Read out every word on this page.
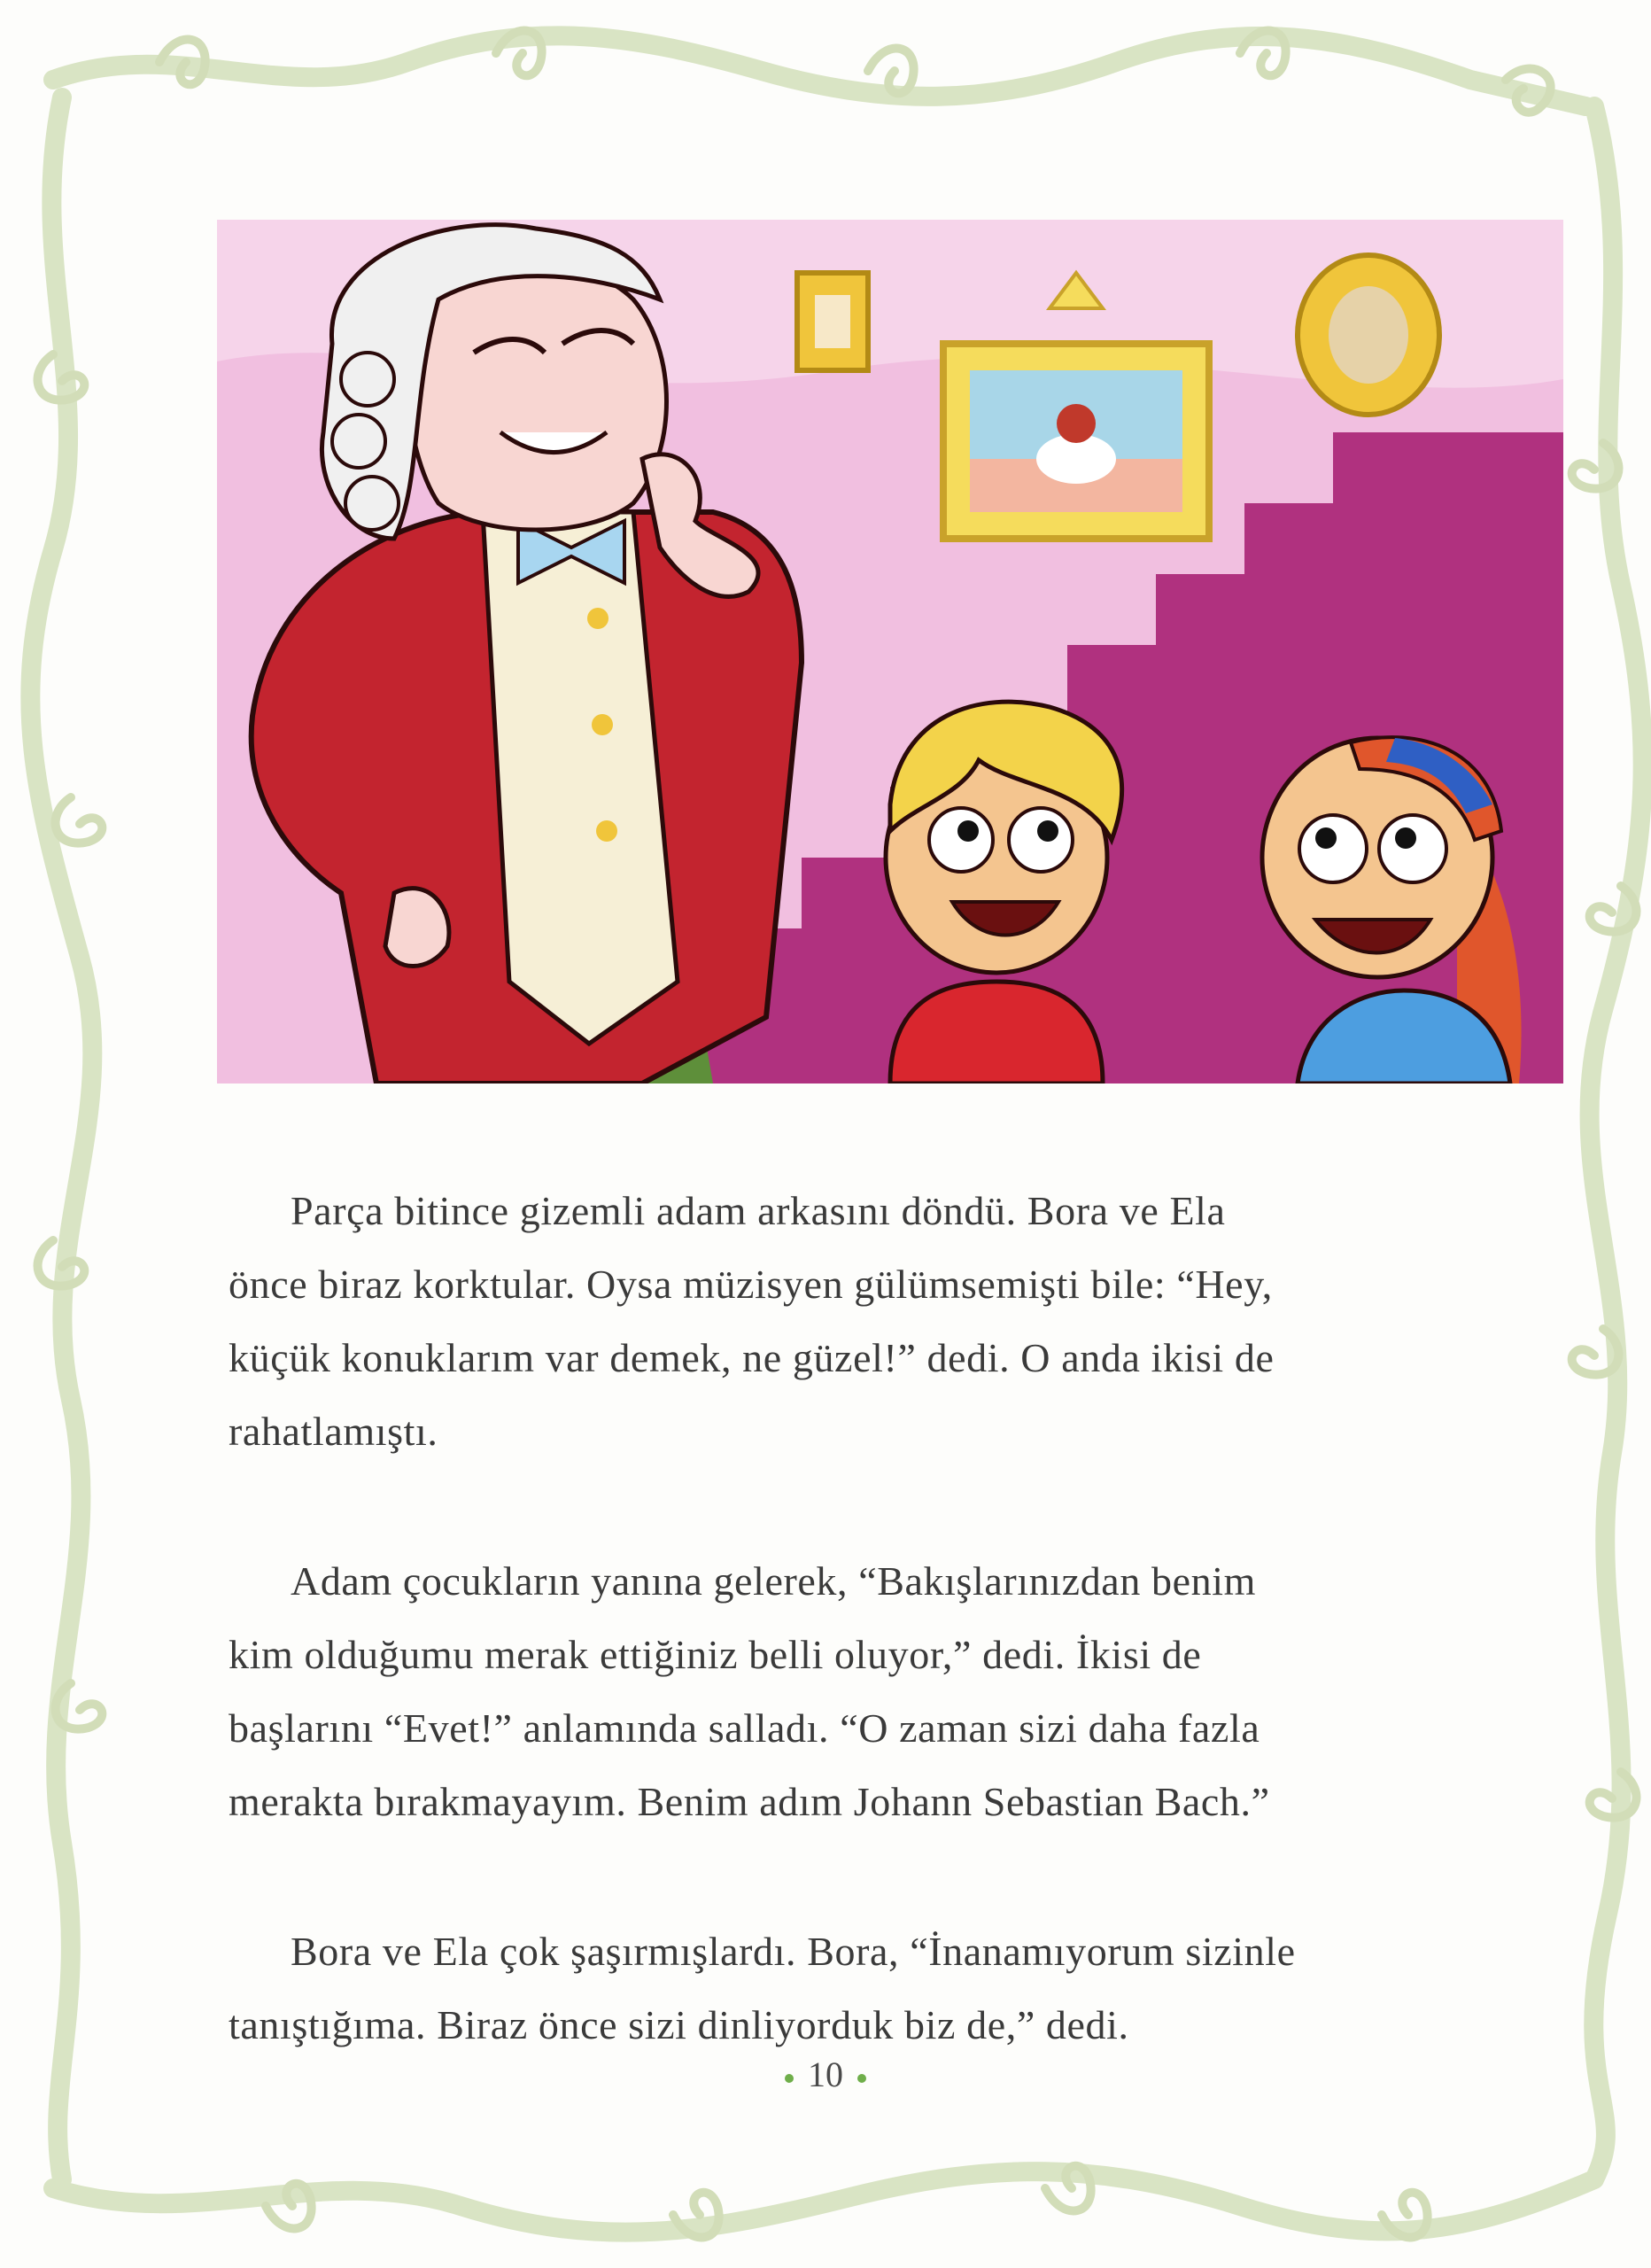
Parça bitince gizemli adam arkasını döndü. Bora ve Ela
önce biraz korktular. Oysa müzisyen gülümsemişti bile: “Hey,
küçük konuklarım var demek, ne güzel!” dedi. O anda ikisi de
rahatlamıştı.

Adam çocukların yanına gelerek, “Bakışlarınızdan benim
kim olduğumu merak ettiğiniz belli oluyor,” dedi. İkisi de
başlarını “Evet!” anlamında salladı. “O zaman sizi daha fazla
merakta bırakmayayım. Benim adım Johann Sebastian Bach.”

Bora ve Ela çok şaşırmışlardı. Bora, “İnanamıyorum sizinle
tanıştığıma. Biraz önce sizi dinliyorduk biz de,” dedi.

10
